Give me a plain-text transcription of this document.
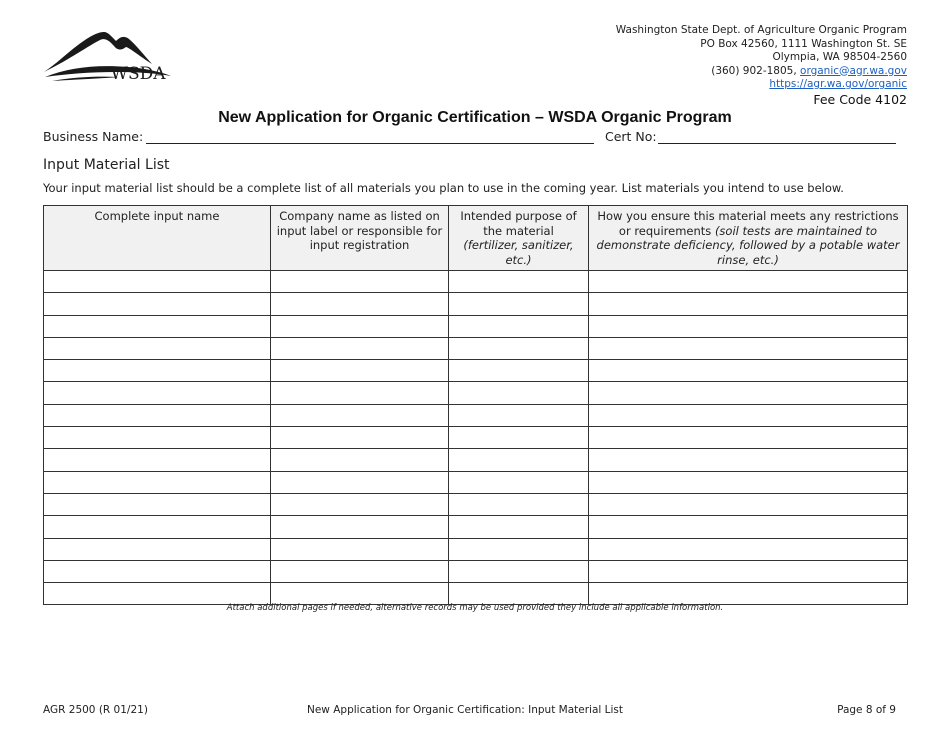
WSDA
Washington State Dept. of Agriculture Organic Program
PO Box 42560, 1111 Washington St. SE
Olympia, WA 98504-2560
(360) 902-1805, organic@agr.wa.gov
https://agr.wa.gov/organic
Fee Code 4102
New Application for Organic Certification – WSDA Organic Program
Business Name:	Cert No:
Input Material List
Your input material list should be a complete list of all materials you plan to use in the coming year. List materials you intend to use below.
Complete input name	Company name as listed on input label or responsible for input registration	Intended purpose of the material (fertilizer, sanitizer, etc.)	How you ensure this material meets any restrictions or requirements (soil tests are maintained to demonstrate deficiency, followed by a potable water rinse, etc.)

Attach additional pages if needed, alternative records may be used provided they include all applicable information.
AGR 2500 (R 01/21)	New Application for Organic Certification: Input Material List	Page 8 of 9
